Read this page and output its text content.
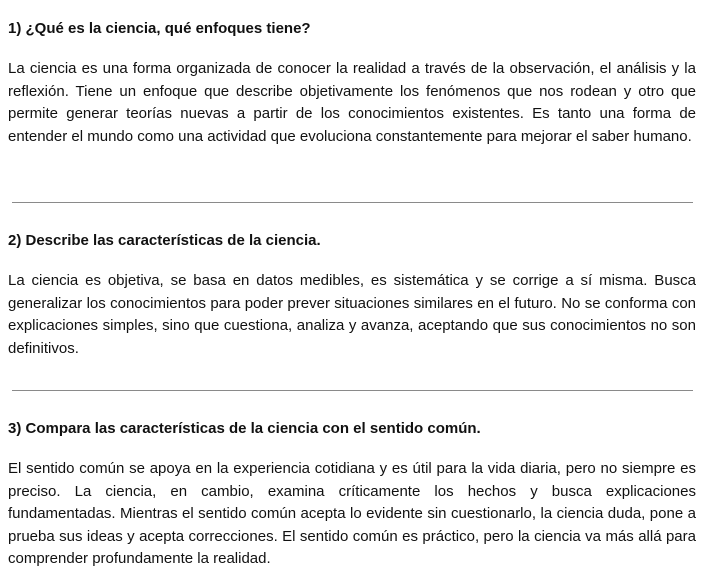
1) ¿Qué es la ciencia, qué enfoques tiene?

La ciencia es una forma organizada de conocer la realidad a través de la observación, el análisis y la reflexión. Tiene un enfoque que describe objetivamente los fenómenos que nos rodean y otro que permite generar teorías nuevas a partir de los conocimientos existentes. Es tanto una forma de entender el mundo como una actividad que evoluciona constantemente para mejorar el saber humano.

2) Describe las características de la ciencia.

La ciencia es objetiva, se basa en datos medibles, es sistemática y se corrige a sí misma. Busca generalizar los conocimientos para poder prever situaciones similares en el futuro. No se conforma con explicaciones simples, sino que cuestiona, analiza y avanza, aceptando que sus conocimientos no son definitivos.

3) Compara las características de la ciencia con el sentido común.

El sentido común se apoya en la experiencia cotidiana y es útil para la vida diaria, pero no siempre es preciso. La ciencia, en cambio, examina críticamente los hechos y busca explicaciones fundamentadas. Mientras el sentido común acepta lo evidente sin cuestionarlo, la ciencia duda, pone a prueba sus ideas y acepta correcciones. El sentido común es práctico, pero la ciencia va más allá para comprender profundamente la realidad.
